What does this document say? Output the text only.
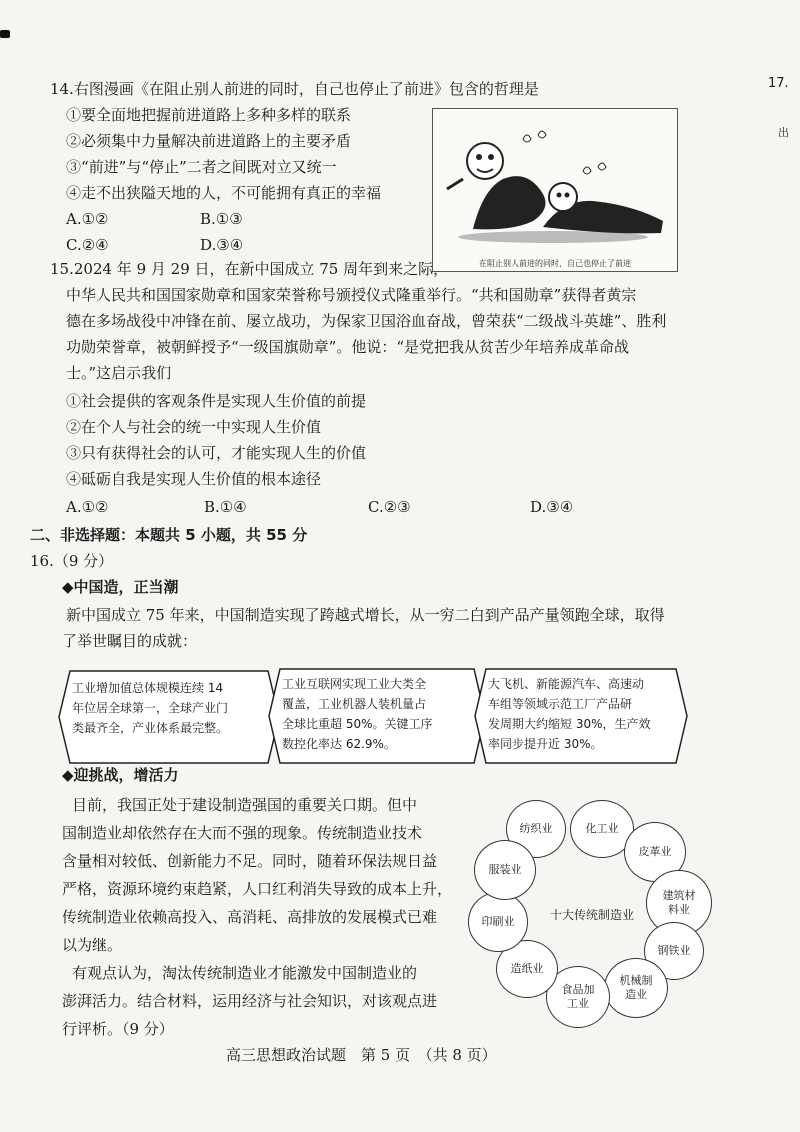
17.
出
14.右图漫画《在阻止别人前进的同时，自己也停止了前进》包含的哲理是
①要全面地把握前进道路上多种多样的联系
②必须集中力量解决前进道路上的主要矛盾
③“前进”与“停止”二者之间既对立又统一
④走不出狭隘天地的人，不可能拥有真正的幸福
A.①②	B.①③
C.②④	D.③④
在阻止别人前进的同时，自己也停止了前进
15.2024 年 9 月 29 日，在新中国成立 75 周年到来之际，
中华人民共和国国家勋章和国家荣誉称号颁授仪式隆重举行。“共和国勋章”获得者黄宗
德在多场战役中冲锋在前、屡立战功，为保家卫国浴血奋战，曾荣获“二级战斗英雄”、胜利
功勋荣誉章，被朝鲜授予“一级国旗勋章”。他说：“是党把我从贫苦少年培养成革命战
士。”这启示我们
①社会提供的客观条件是实现人生价值的前提
②在个人与社会的统一中实现人生价值
③只有获得社会的认可，才能实现人生的价值
④砥砺自我是实现人生价值的根本途径
A.①②	B.①④	C.②③	D.③④
二、非选择题：本题共 5 小题，共 55 分
16.（9 分）
◆中国造，正当潮
新中国成立 75 年来，中国制造实现了跨越式增长，从一穷二白到产品产量领跑全球，取得
了举世瞩目的成就：
工业增加值总体规模连续 14
年位居全球第一，全球产业门
类最齐全，产业体系最完整。
工业互联网实现工业大类全
覆盖，工业机器人装机量占
全球比重超 50%。关键工序
数控化率达 62.9%。
大飞机、新能源汽车、高速动
车组等领域示范工厂产品研
发周期大约缩短 30%，生产效
率同步提升近 30%。
◆迎挑战，增活力
目前，我国正处于建设制造强国的重要关口期。但中
国制造业却依然存在大而不强的现象。传统制造业技术
含量相对较低、创新能力不足。同时，随着环保法规日益
严格，资源环境约束趋紧，人口红利消失导致的成本上升，
传统制造业依赖高投入、高消耗、高排放的发展模式已难
以为继。
有观点认为，淘汰传统制造业才能激发中国制造业的
澎湃活力。结合材料，运用经济与社会知识，对该观点进
行评析。（9 分）
十大传统制造业
纺织业	化工业
皮革业
建筑材
料业
钢铁业
机械制
造业
食品加
工业
造纸业
印刷业
服装业
高三思想政治试题　第 5 页　（共 8 页）
